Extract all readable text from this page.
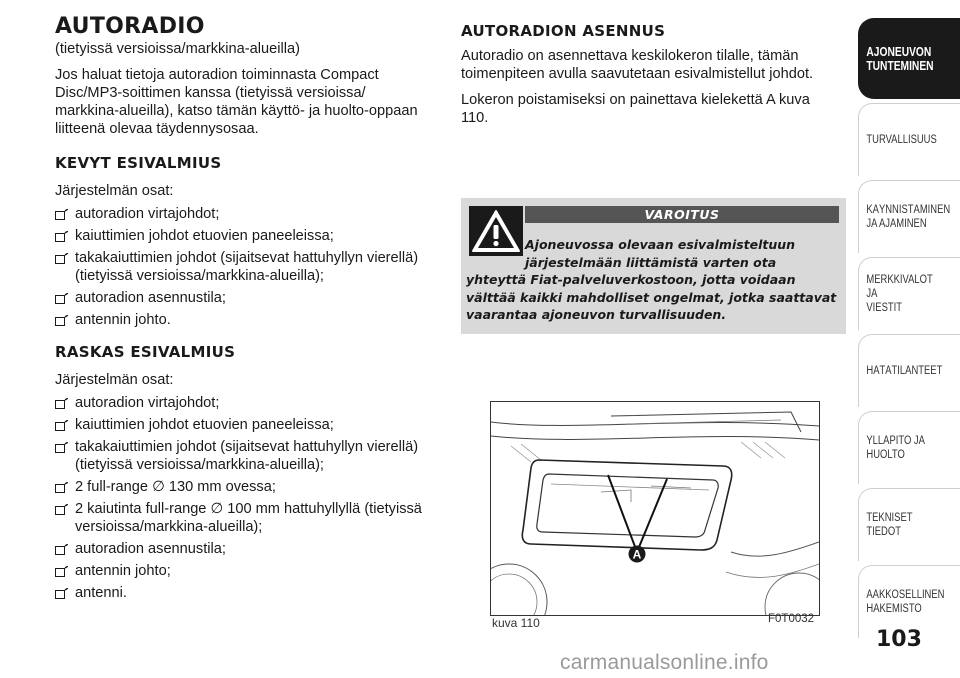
AUTORADIO

(tietyissä versioissa/markkina-alueilla)

Jos haluat tietoja autoradion toiminnasta Compact Disc/MP3-soittimen kanssa (tietyissä versioissa/ markkina-alueilla), katso tämän käyttö- ja huolto-oppaan liitteenä olevaa täydennysosaa.

KEVYT ESIVALMIUS

Järjestelmän osat:

autoradion virtajohdot;
kaiuttimien johdot etuovien paneeleissa;
takakaiuttimien johdot (sijaitsevat hattuhyllyn vierellä) (tietyissä versioissa/markkina-alueilla);
autoradion asennustila;
antennin johto.
RASKAS ESIVALMIUS

Järjestelmän osat:

autoradion virtajohdot;
kaiuttimien johdot etuovien paneeleissa;
takakaiuttimien johdot (sijaitsevat hattuhyllyn vierellä) (tietyissä versioissa/markkina-alueilla);
2 full-range ∅ 130 mm ovessa;
2 kaiutinta full-range ∅ 100 mm hattuhyllyllä (tietyissä versioissa/markkina-alueilla);
autoradion asennustila;
antennin johto;
antenni.
AUTORADION ASENNUS

Autoradio on asennettava keskilokeron tilalle, tämän toimenpiteen avulla saavutetaan esivalmistellut johdot.

Lokeron poistamiseksi on painettava kielekettä A kuva 110.

VAROITUS
Ajoneuvossa olevaan esivalmisteltuun
järjestelmään liittämistä varten ota
yhteyttä Fiat-palveluverkostoon, jotta voidaan välttää kaikki mahdolliset ongelmat, jotka saattavat vaarantaa ajoneuvon turvallisuuden.
A
kuva 110	F0T0032
AJONEUVON
TUNTEMINEN
TURVALLISUUS
KÄYNNISTÄMINEN
JA AJAMINEN
MERKKIVALOT JA
VIESTIT
HÄTÄTILANTEET
YLLÄPITO JA HUOLTO
TEKNISET TIEDOT
AAKKOSELLINEN
HAKEMISTO
103
carmanualsonline.info
